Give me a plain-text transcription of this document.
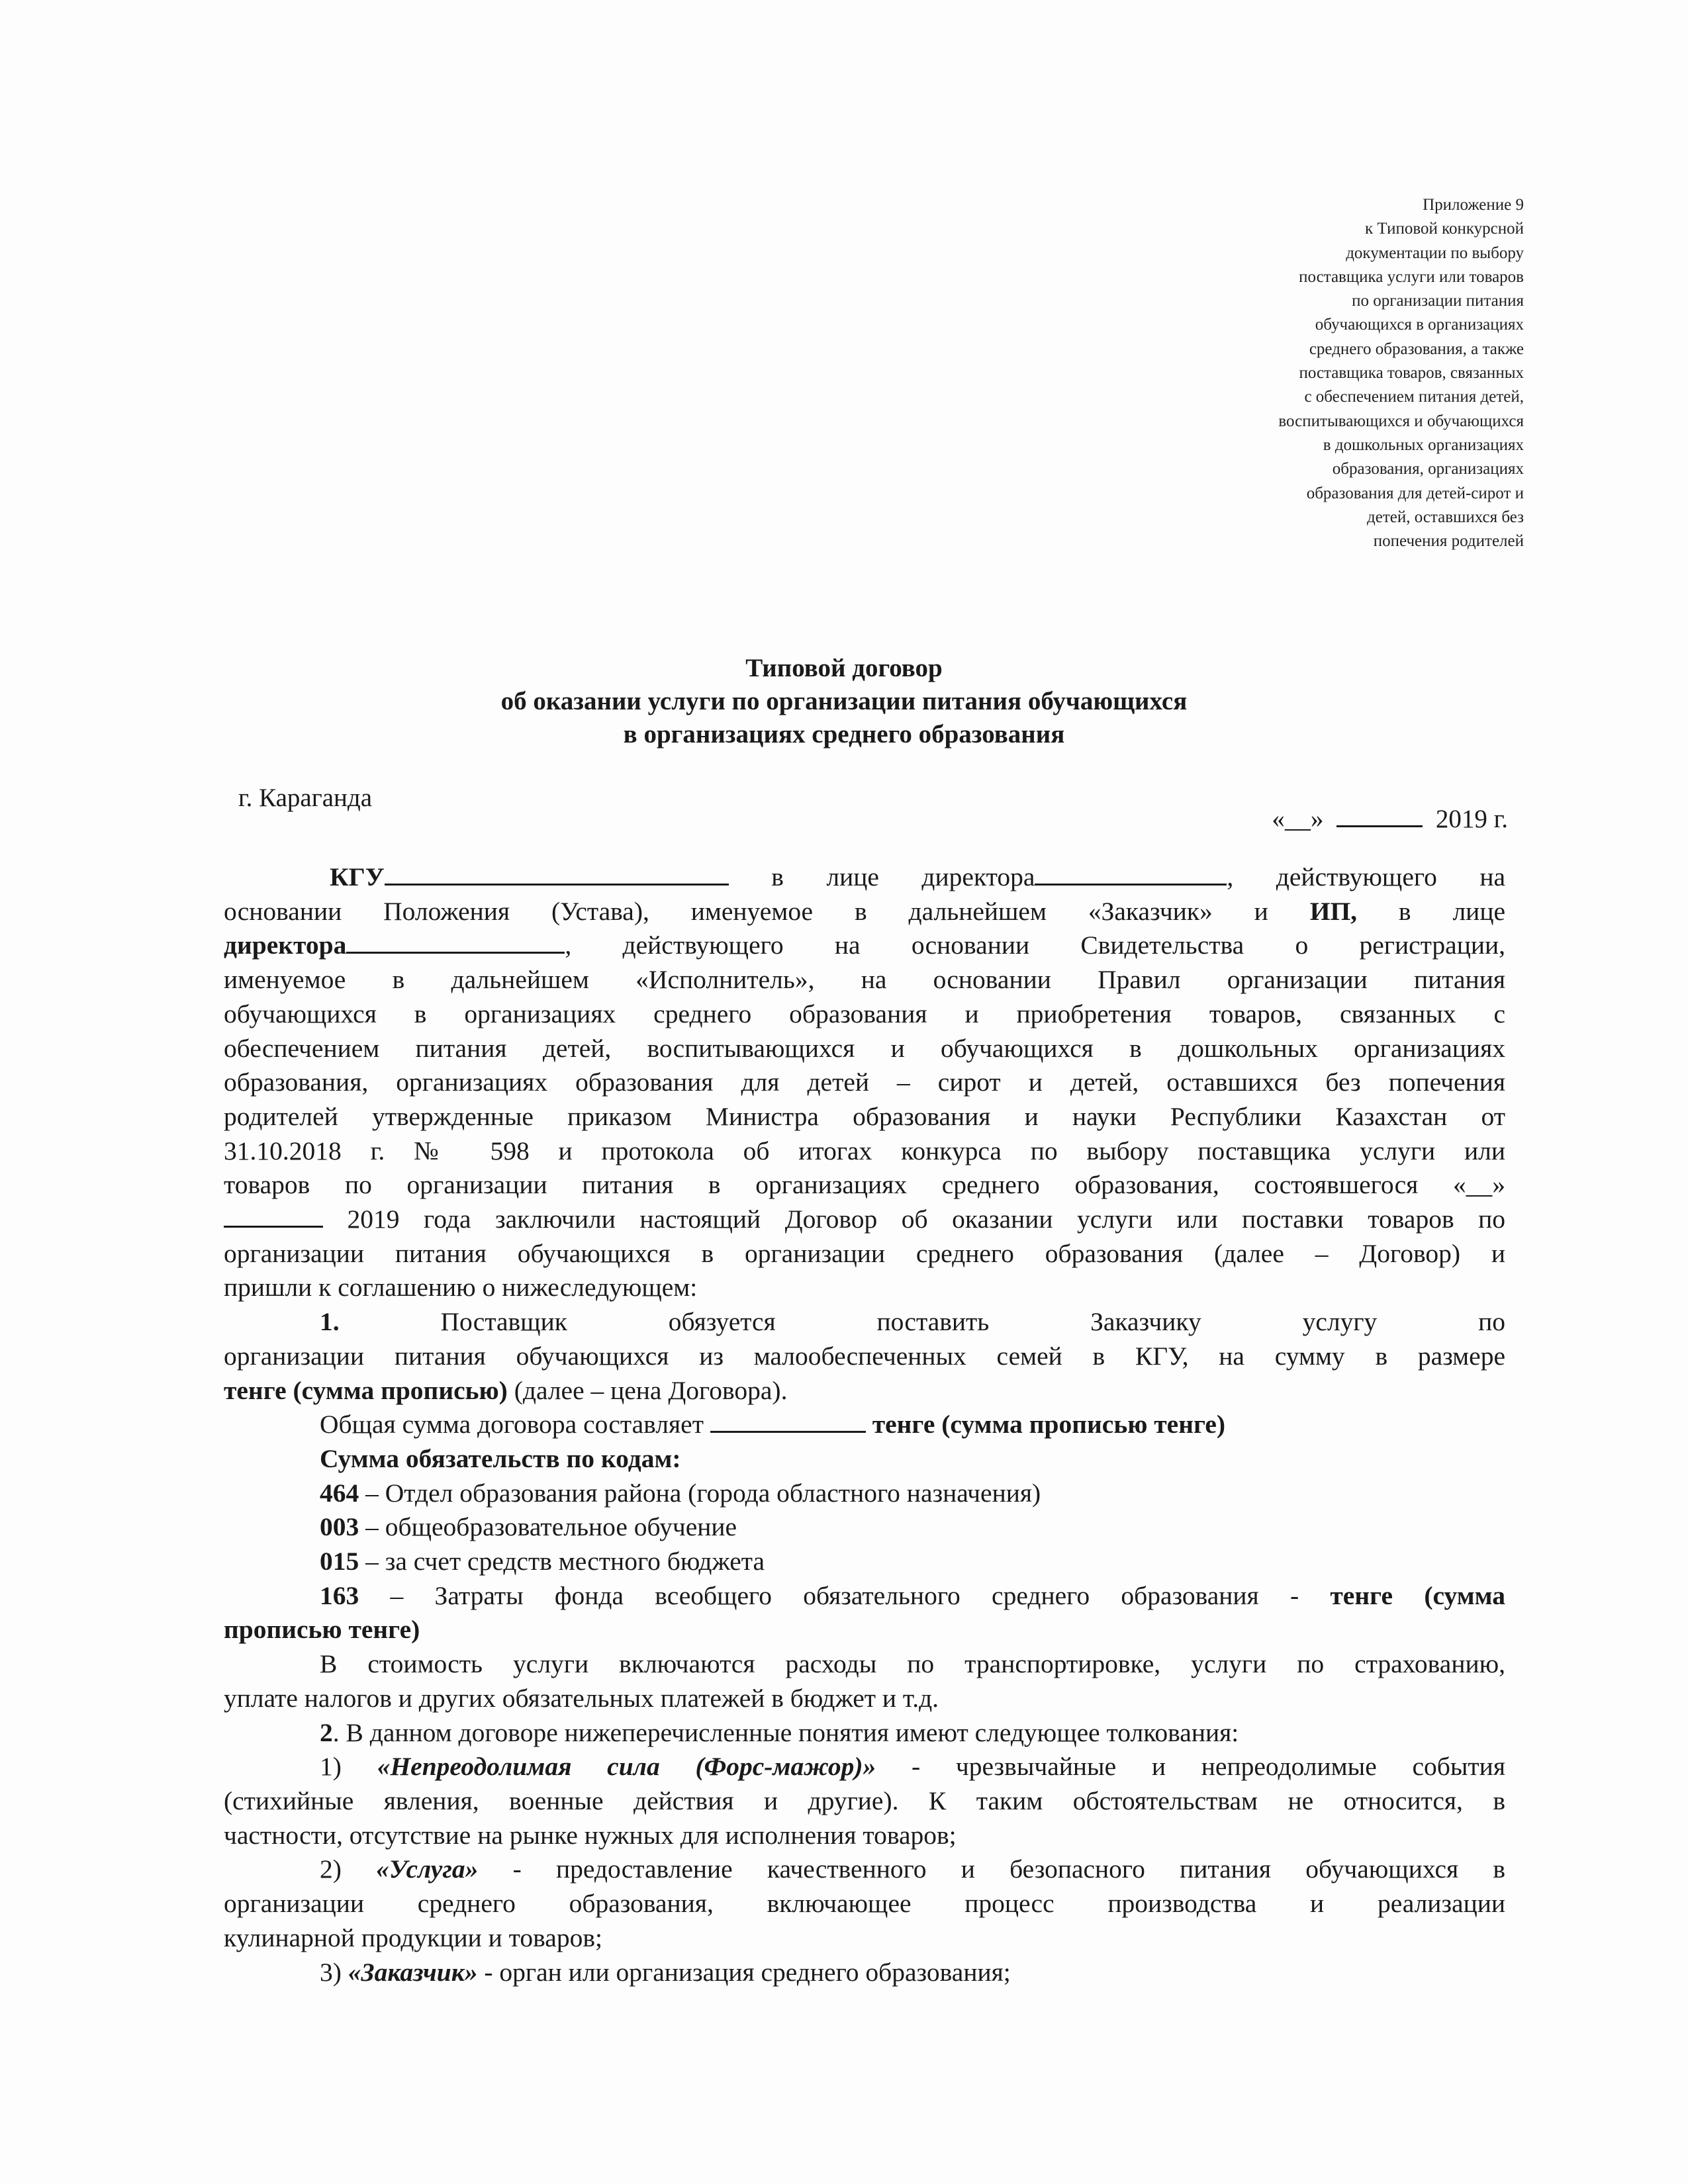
Приложение 9
к Типовой конкурсной
документации по выбору
поставщика услуги или товаров
по организации питания
обучающихся в организациях
среднего образования, а также
поставщика товаров, связанных
с обеспечением питания детей,
воспитывающихся и обучающихся
в дошкольных организациях
образования, организациях
образования для детей-сирот и
детей, оставшихся без
попечения родителей
Типовой договор
об оказании услуги по организации питания обучающихся
в организациях среднего образования
г. Караганда
«__»	2019 г.

КГУ	в лице директора	, действующего на

основании Положения (Устава), именуемое в дальнейшем «Заказчик» и ИП, в лице

директора	, действующего на основании Свидетельства о регистрации,

именуемое в дальнейшем «Исполнитель», на основании Правил организации питания

обучающихся в организациях среднего образования и приобретения товаров, связанных с

обеспечением питания детей, воспитывающихся и обучающихся в дошкольных организациях

образования, организациях образования для детей – сирот и детей, оставшихся без попечения

родителей утвержденные приказом Министра образования и науки Республики Казахстан от

31.10.2018 г. № 598 и протокола об итогах конкурса по выбору поставщика услуги или

товаров по организации питания в организациях среднего образования, состоявшегося «__»

2019 года заключили настоящий Договор об оказании услуги или поставки товаров по

организации питания обучающихся в организации среднего образования (далее – Договор) и

пришли к соглашению о нижеследующем:

1.	Поставщик	обязуется	поставить	Заказчику	услугу	по

организации питания обучающихся из малообеспеченных семей в КГУ, на сумму в размере

тенге (сумма прописью) (далее – цена Договора).

Общая сумма договора составляет	тенге (сумма прописью тенге)

Сумма обязательств по кодам:

464 – Отдел образования района (города областного назначения)

003 – общеобразовательное обучение

015 – за счет средств местного бюджета

163 – Затраты фонда всеобщего обязательного среднего образования - тенге (сумма

прописью тенге)

В стоимость услуги включаются расходы по транспортировке, услуги по страхованию,

уплате налогов и других обязательных платежей в бюджет и т.д.

2. В данном договоре нижеперечисленные понятия имеют следующее толкования:

1) «Непреодолимая сила (Форс-мажор)» - чрезвычайные и непреодолимые события

(стихийные явления, военные действия и другие). К таким обстоятельствам не относится, в

частности, отсутствие на рынке нужных для исполнения товаров;

2) «Услуга» - предоставление качественного и безопасного питания обучающихся в

организации среднего образования, включающее процесс производства и реализации

кулинарной продукции и товаров;

3) «Заказчик» - орган или организация среднего образования;
